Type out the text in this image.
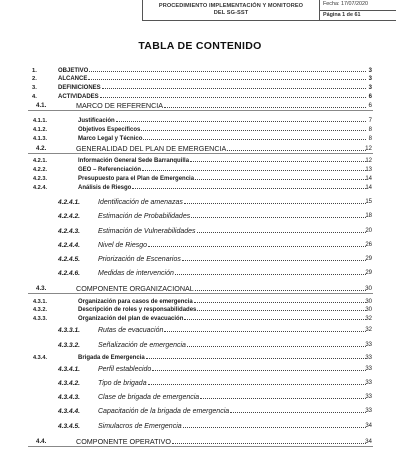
PROCEDIMIENTO IMPLEMENTACIÓN Y MONITOREO
DEL SG-SST
Fecha: 17/07/2020
Página 1 de 61
TABLA DE CONTENIDO
1.	OBJETIVO	3
2.	ALCANCE	3
3.	DEFINICIONES	3
4.	ACTIVIDADES	6
4.1.	MARCO DE REFERENCIA	6
4.1.1.	Justificación	7
4.1.2.	Objetivos Específicos	8
4.1.3.	Marco Legal y Técnico	8
4.2.	GENERALIDAD DEL PLAN DE EMERGENCIA	12
4.2.1.	Información General Sede Barranquilla	12
4.2.2.	GEO – Referenciación	13
4.2.3.	Presupuesto para el Plan de Emergencia	14
4.2.4.	Análisis de Riesgo	14
4.2.4.1.	Identificación de amenazas	15
4.2.4.2.	Estimación de Probabilidades	18
4.2.4.3.	Estimación de Vulnerabilidades	20
4.2.4.4.	Nivel de Riesgo	26
4.2.4.5.	Priorización de Escenarios	29
4.2.4.6.	Medidas de intervención	29
4.3.	COMPONENTE ORGANIZACIONAL	30
4.3.1.	Organización para casos de emergencia	30
4.3.2.	Descripción de roles y responsabilidades	30
4.3.3.	Organización del plan de evacuación	32
4.3.3.1.	Rutas de evacuación	32
4.3.3.2.	Señalización de emergencia	33
4.3.4.	Brigada de Emergencia	33
4.3.4.1.	Perfil establecido	33
4.3.4.2.	Tipo de brigada	33
4.3.4.3.	Clase de brigada de emergencia	33
4.3.4.4.	Capacitación de la brigada de emergencia	33
4.3.4.5.	Simulacros de Emergencia	34
4.4.	COMPONENTE OPERATIVO	34
